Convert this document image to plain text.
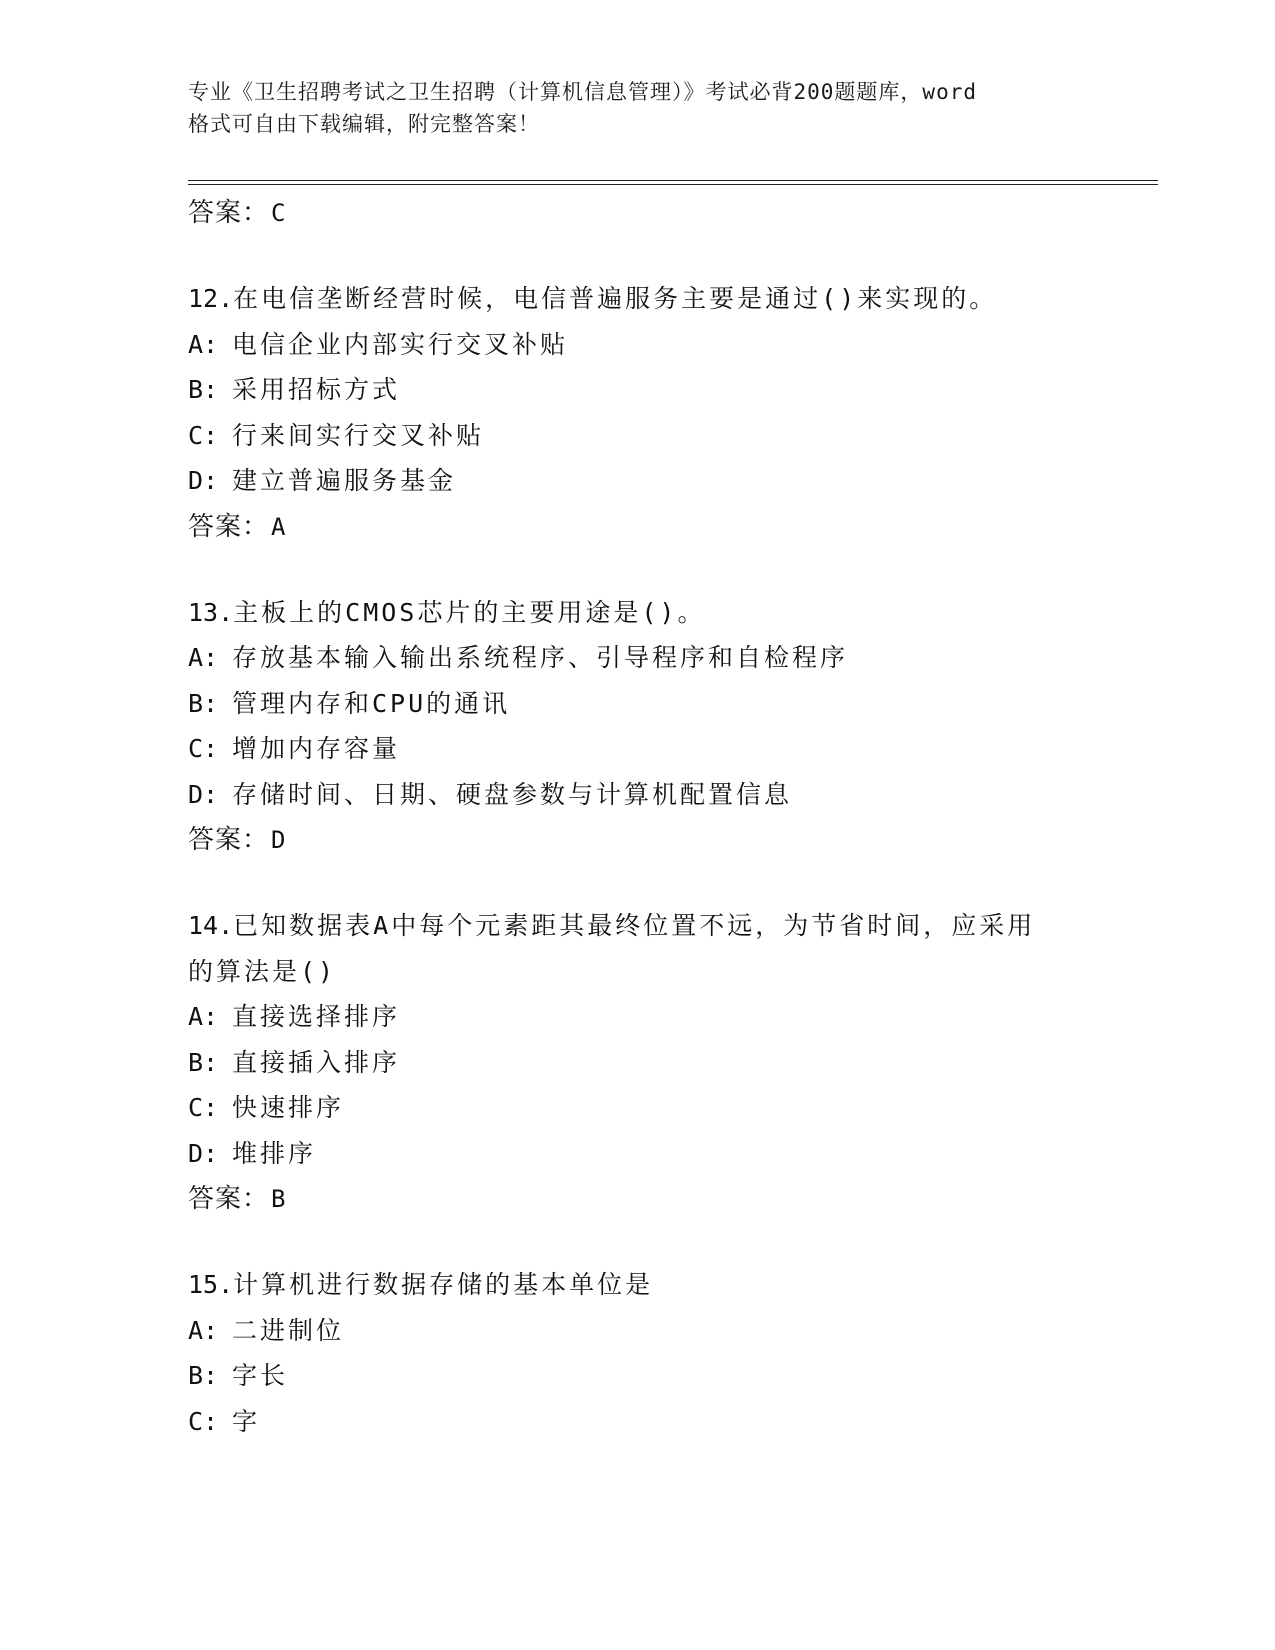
专业《卫生招聘考试之卫生招聘（计算机信息管理）》考试必背200题题库，word
格式可自由下载编辑，附完整答案！
答案：C
12.在电信垄断经营时候，电信普遍服务主要是通过()来实现的。
A: 电信企业内部实行交叉补贴
B: 采用招标方式
C: 行来间实行交叉补贴
D: 建立普遍服务基金
答案：A
13.主板上的CMOS芯片的主要用途是()。
A: 存放基本输入输出系统程序、引导程序和自检程序
B: 管理内存和CPU的通讯
C: 增加内存容量
D: 存储时间、日期、硬盘参数与计算机配置信息
答案：D
14.已知数据表A中每个元素距其最终位置不远，为节省时间，应采用
的算法是()
A: 直接选择排序
B: 直接插入排序
C: 快速排序
D: 堆排序
答案：B
15.计算机进行数据存储的基本单位是
A: 二进制位
B: 字长
C: 字
